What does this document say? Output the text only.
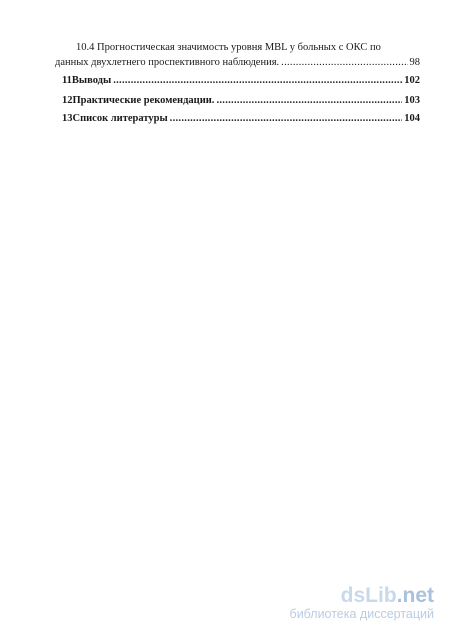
10.4 Прогностическая значимость уровня MBL у больных с ОКС по
данных двухлетнего проспективного наблюдения. .....	98
11 Выводы .....	102
12 Практические рекомендации. .....	103
13 Список литературы .....	104
dsLib.net
библиотека диссертаций
